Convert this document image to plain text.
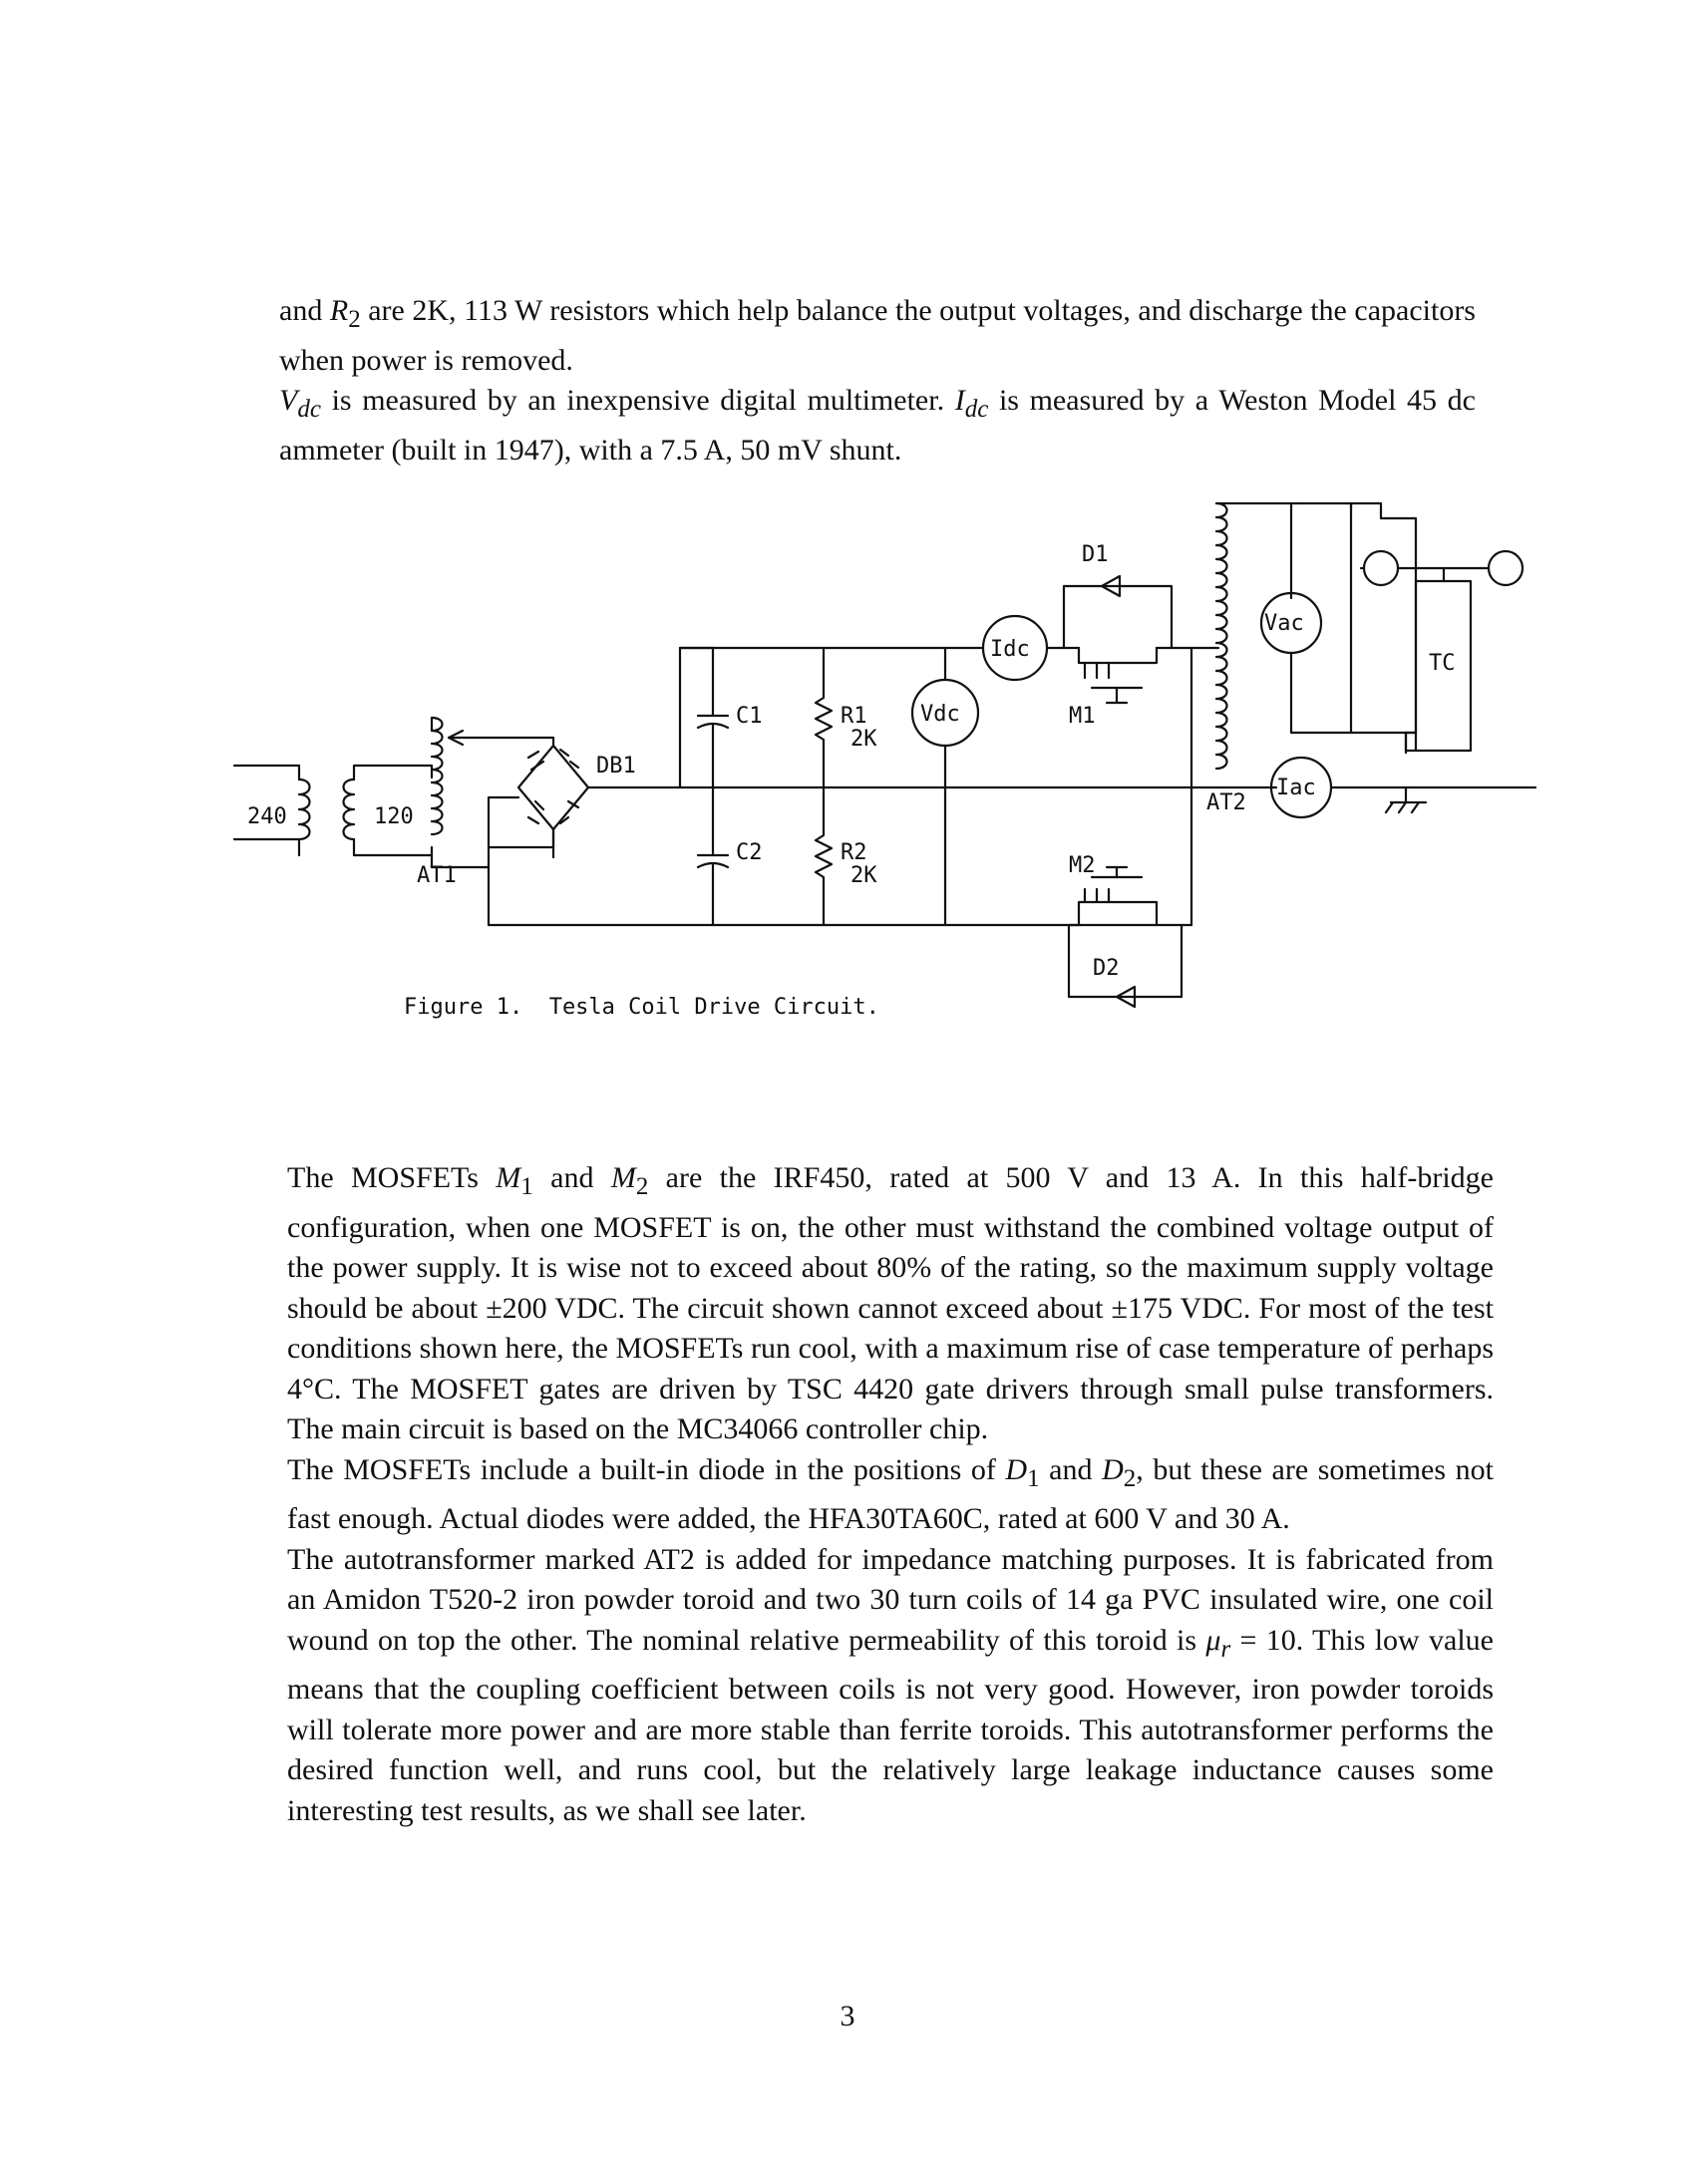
and $R_2$ are 2K, 113 W resistors which help balance the output voltages, and discharge the capacitors when power is removed.

$V_{dc}$ is measured by an inexpensive digital multimeter. $I_{dc}$ is measured by a Weston Model 45 dc ammeter (built in 1947), with a 7.5 A, 50 mV shunt.

240	120
AT1
DB1
C1
C2
R1
2K
R2
2K
Vdc
Idc
D1
M1
M2
D2
AT2
Vac
Iac
TC
Figure 1.  Tesla Coil Drive Circuit.

The MOSFETs $M_1$ and $M_2$ are the IRF450, rated at 500 V and 13 A. In this half-bridge configuration, when one MOSFET is on, the other must withstand the combined voltage output of the power supply. It is wise not to exceed about 80% of the rating, so the maximum supply voltage should be about ±200 VDC. The circuit shown cannot exceed about ±175 VDC. For most of the test conditions shown here, the MOSFETs run cool, with a maximum rise of case temperature of perhaps 4°C. The MOSFET gates are driven by TSC 4420 gate drivers through small pulse transformers. The main circuit is based on the MC34066 controller chip.

The MOSFETs include a built-in diode in the positions of $D_1$ and $D_2$, but these are sometimes not fast enough. Actual diodes were added, the HFA30TA60C, rated at 600 V and 30 A.

The autotransformer marked AT2 is added for impedance matching purposes. It is fabricated from an Amidon T520-2 iron powder toroid and two 30 turn coils of 14 ga PVC insulated wire, one coil wound on top the other. The nominal relative permeability of this toroid is $\mu_r = 10$. This low value means that the coupling coefficient between coils is not very good. However, iron powder toroids will tolerate more power and are more stable than ferrite toroids. This autotransformer performs the desired function well, and runs cool, but the relatively large leakage inductance causes some interesting test results, as we shall see later.

3
